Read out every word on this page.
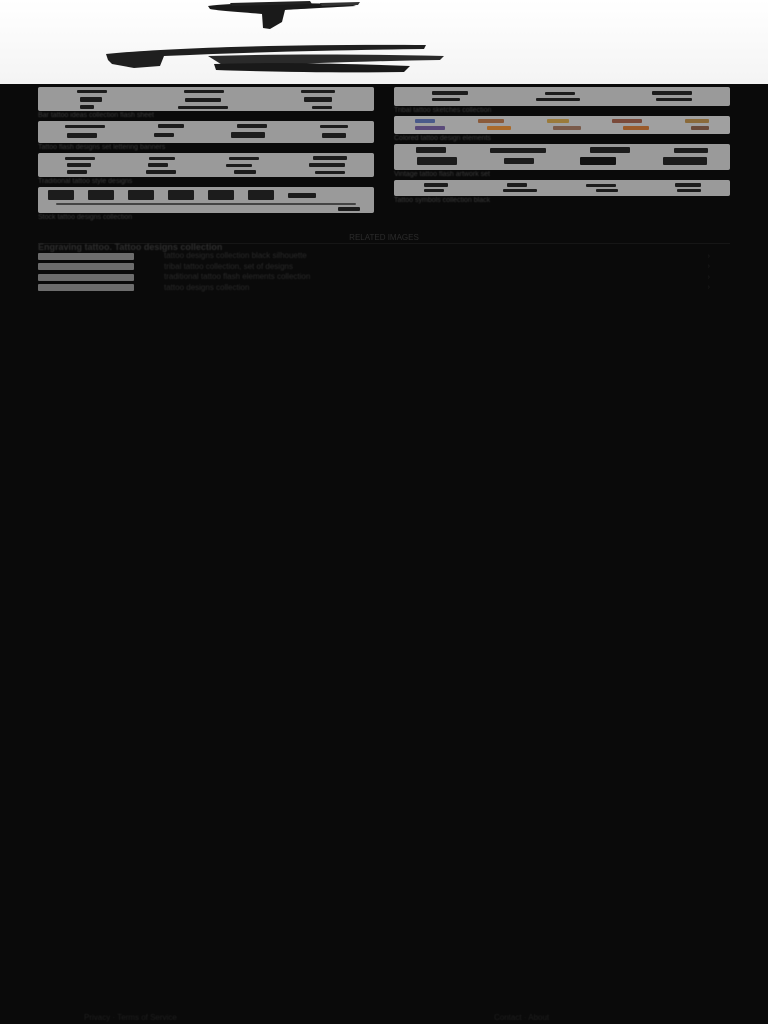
Bar tattoo ideas collection flash sheet
Tattoo flash designs set lettering banners
Traditional tattoo style designs
Stock tattoo designs collection
Tribal tattoo sketches collection
Colored tattoo design elements
Vintage tattoo flash artwork set
Tattoo symbols collection black
RELATED IMAGES
Engraving tattoo. Tattoo designs collection
tattoo designs collection black silhouette	›
tribal tattoo collection, set of designs	›
traditional tattoo flash elements collection	›
tattoo designs collection	›
Privacy · Terms of Service	Contact · About
